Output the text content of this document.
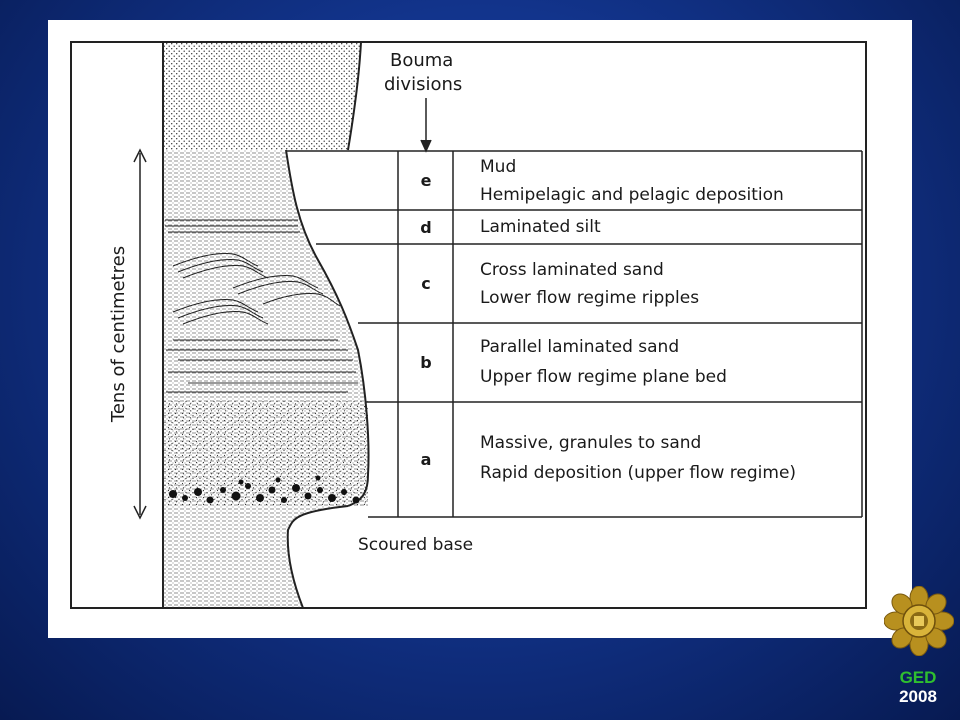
Tens of centimetres
Bouma
divisions
e
Mud
Hemipelagic and pelagic deposition
d	Laminated silt
c
Cross laminated sand
Lower flow regime ripples
b
Parallel laminated sand
Upper flow regime plane bed
a
Massive, granules to sand
Rapid deposition (upper flow regime)
Scoured base
GED
2008
